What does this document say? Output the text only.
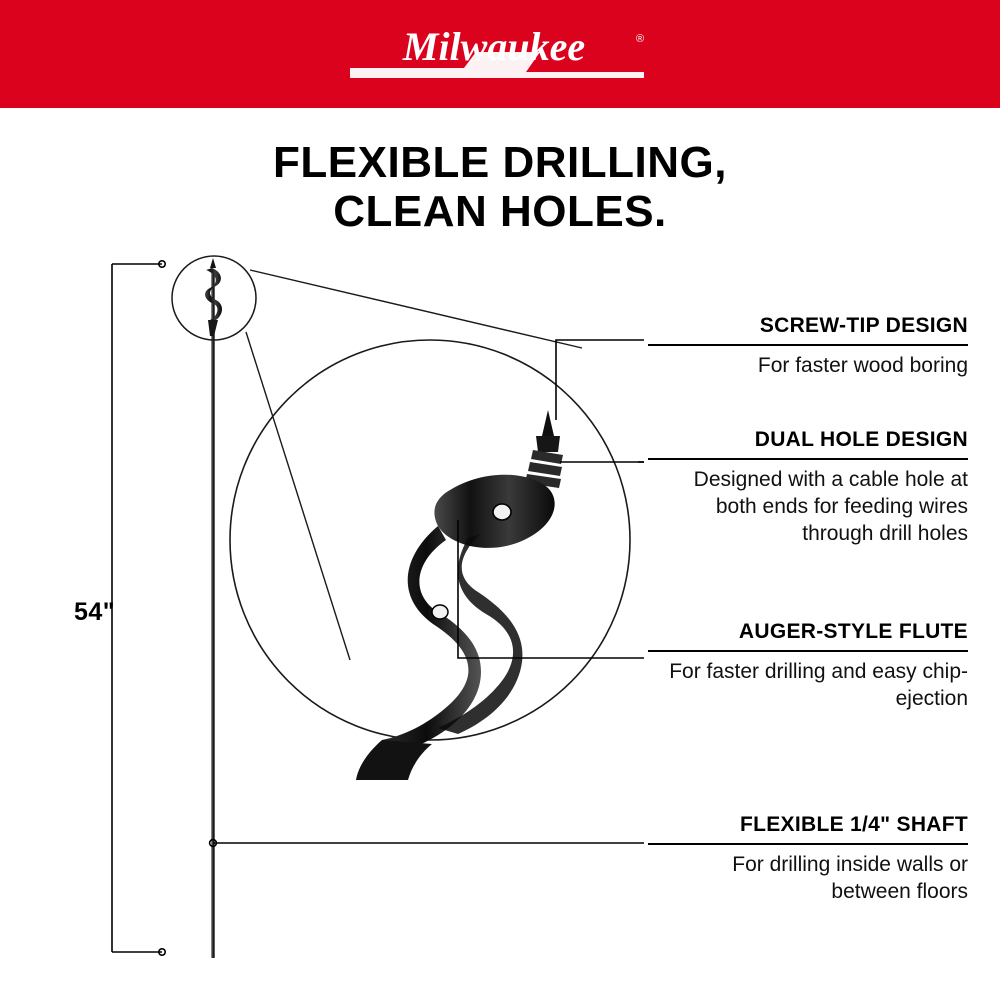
Milwaukee	®
FLEXIBLE DRILLING,
CLEAN HOLES.
54"
SCREW-TIP DESIGN
For faster wood boring
DUAL HOLE DESIGN
Designed with a cable hole at both ends for feeding wires through drill holes
AUGER-STYLE FLUTE
For faster drilling and easy chip-ejection
FLEXIBLE 1/4" SHAFT
For drilling inside walls or between floors
